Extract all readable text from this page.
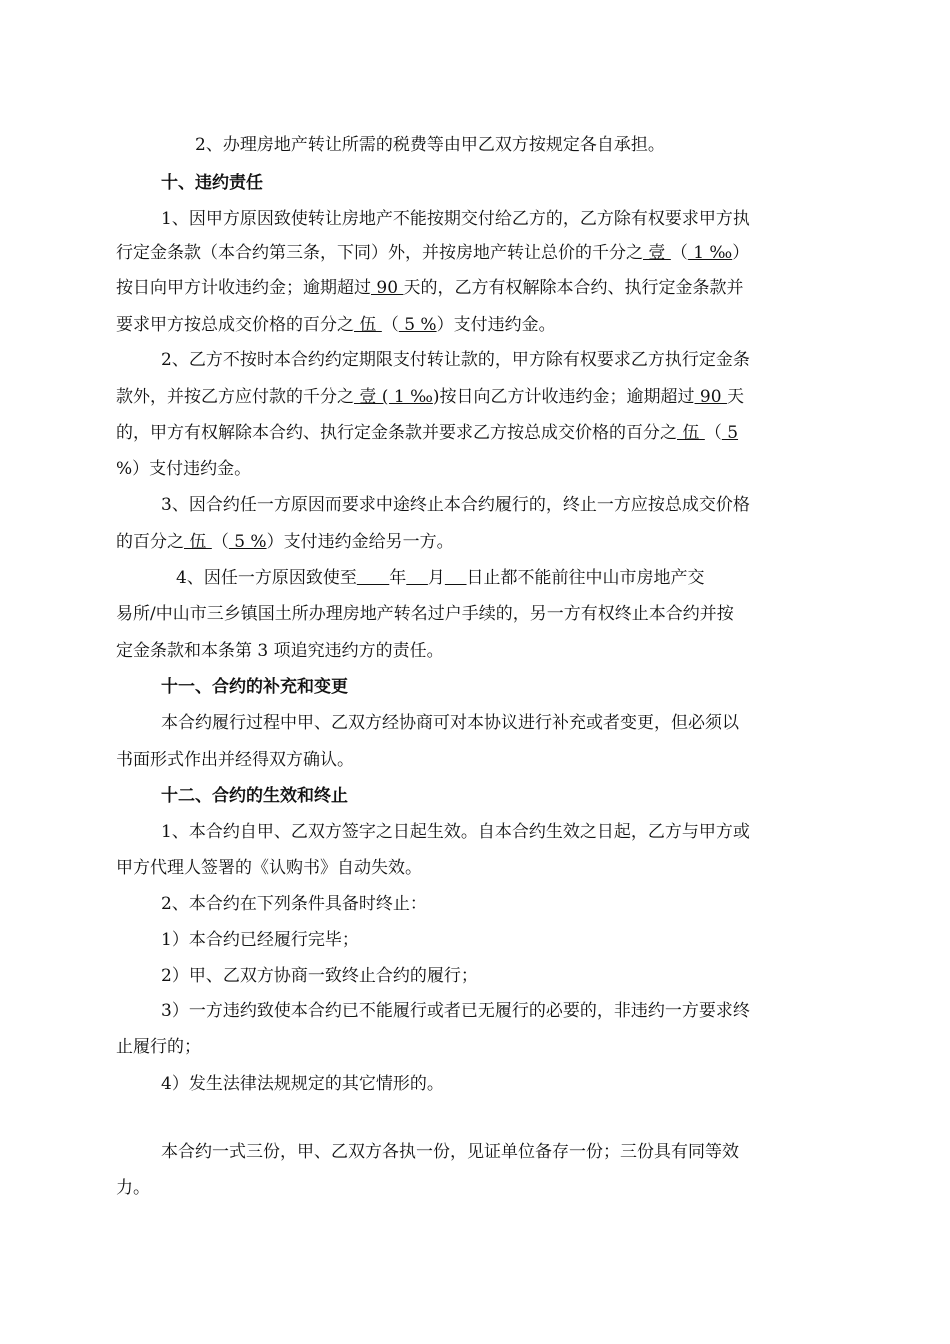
2、办理房地产转让所需的税费等由甲乙双方按规定各自承担。
十、违约责任
1、因甲方原因致使转让房地产不能按期交付给乙方的，乙方除有权要求甲方执
行定金条款（本合约第三条，下同）外，并按房地产转让总价的千分之 壹 （ 1 ‰）
按日向甲方计收违约金；逾期超过 90 天的，乙方有权解除本合约、执行定金条款并
要求甲方按总成交价格的百分之 伍 （ 5 %）支付违约金。
2、乙方不按时本合约约定期限支付转让款的，甲方除有权要求乙方执行定金条
款外，并按乙方应付款的千分之 壹 ( 1 ‰)按日向乙方计收违约金；逾期超过 90 天
的，甲方有权解除本合约、执行定金条款并要求乙方按总成交价格的百分之 伍 （ 5
%）支付违约金。
3、因合约任一方原因而要求中途终止本合约履行的，终止一方应按总成交价格
的百分之 伍 （ 5 %）支付违约金给另一方。
4、因任一方原因致使至 年 月 日止都不能前往中山市房地产交
易所/中山市三乡镇国土所办理房地产转名过户手续的，另一方有权终止本合约并按
定金条款和本条第 3 项追究违约方的责任。
十一、合约的补充和变更
本合约履行过程中甲、乙双方经协商可对本协议进行补充或者变更，但必须以
书面形式作出并经得双方确认。
十二、合约的生效和终止
1、本合约自甲、乙双方签字之日起生效。自本合约生效之日起，乙方与甲方或
甲方代理人签署的《认购书》自动失效。
2、本合约在下列条件具备时终止：
1）本合约已经履行完毕；
2）甲、乙双方协商一致终止合约的履行；
3）一方违约致使本合约已不能履行或者已无履行的必要的，非违约一方要求终
止履行的；
4）发生法律法规规定的其它情形的。
本合约一式三份，甲、乙双方各执一份，见证单位备存一份；三份具有同等效
力。
